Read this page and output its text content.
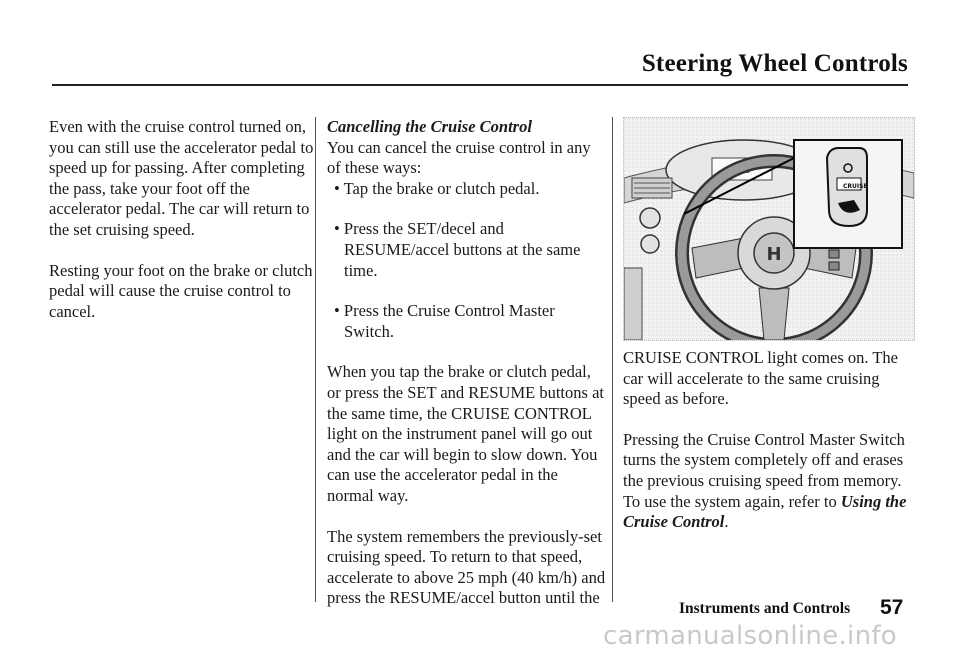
Steering Wheel Controls

Even with the cruise control turned on, you can still use the accelerator pedal to speed up for passing. After completing the pass, take your foot off the accelerator pedal. The car will return to the set cruising speed.

Resting your foot on the brake or clutch pedal will cause the cruise control to cancel.

Cancelling the Cruise Control

You can cancel the cruise control in any of these ways:

• Tap the brake or clutch pedal.
• Press the SET/decel and RESUME/accel buttons at the same time.
• Press the Cruise Control Master Switch.

When you tap the brake or clutch pedal, or press the SET and RESUME buttons at the same time, the CRUISE CONTROL light on the instrument panel will go out and the car will begin to slow down. You can use the accelerator pedal in the normal way.

The system remembers the previously-set cruising speed. To return to that speed, accelerate to above 25 mph (40 km/h) and press the RESUME/accel button until the

888
H
CRUISE

CRUISE CONTROL light comes on. The car will accelerate to the same cruising speed as before.

Pressing the Cruise Control Master Switch turns the system completely off and erases the previous cruising speed from memory. To use the system again, refer to Using the Cruise Control.

Instruments and Controls 57
carmanualsonline.info
